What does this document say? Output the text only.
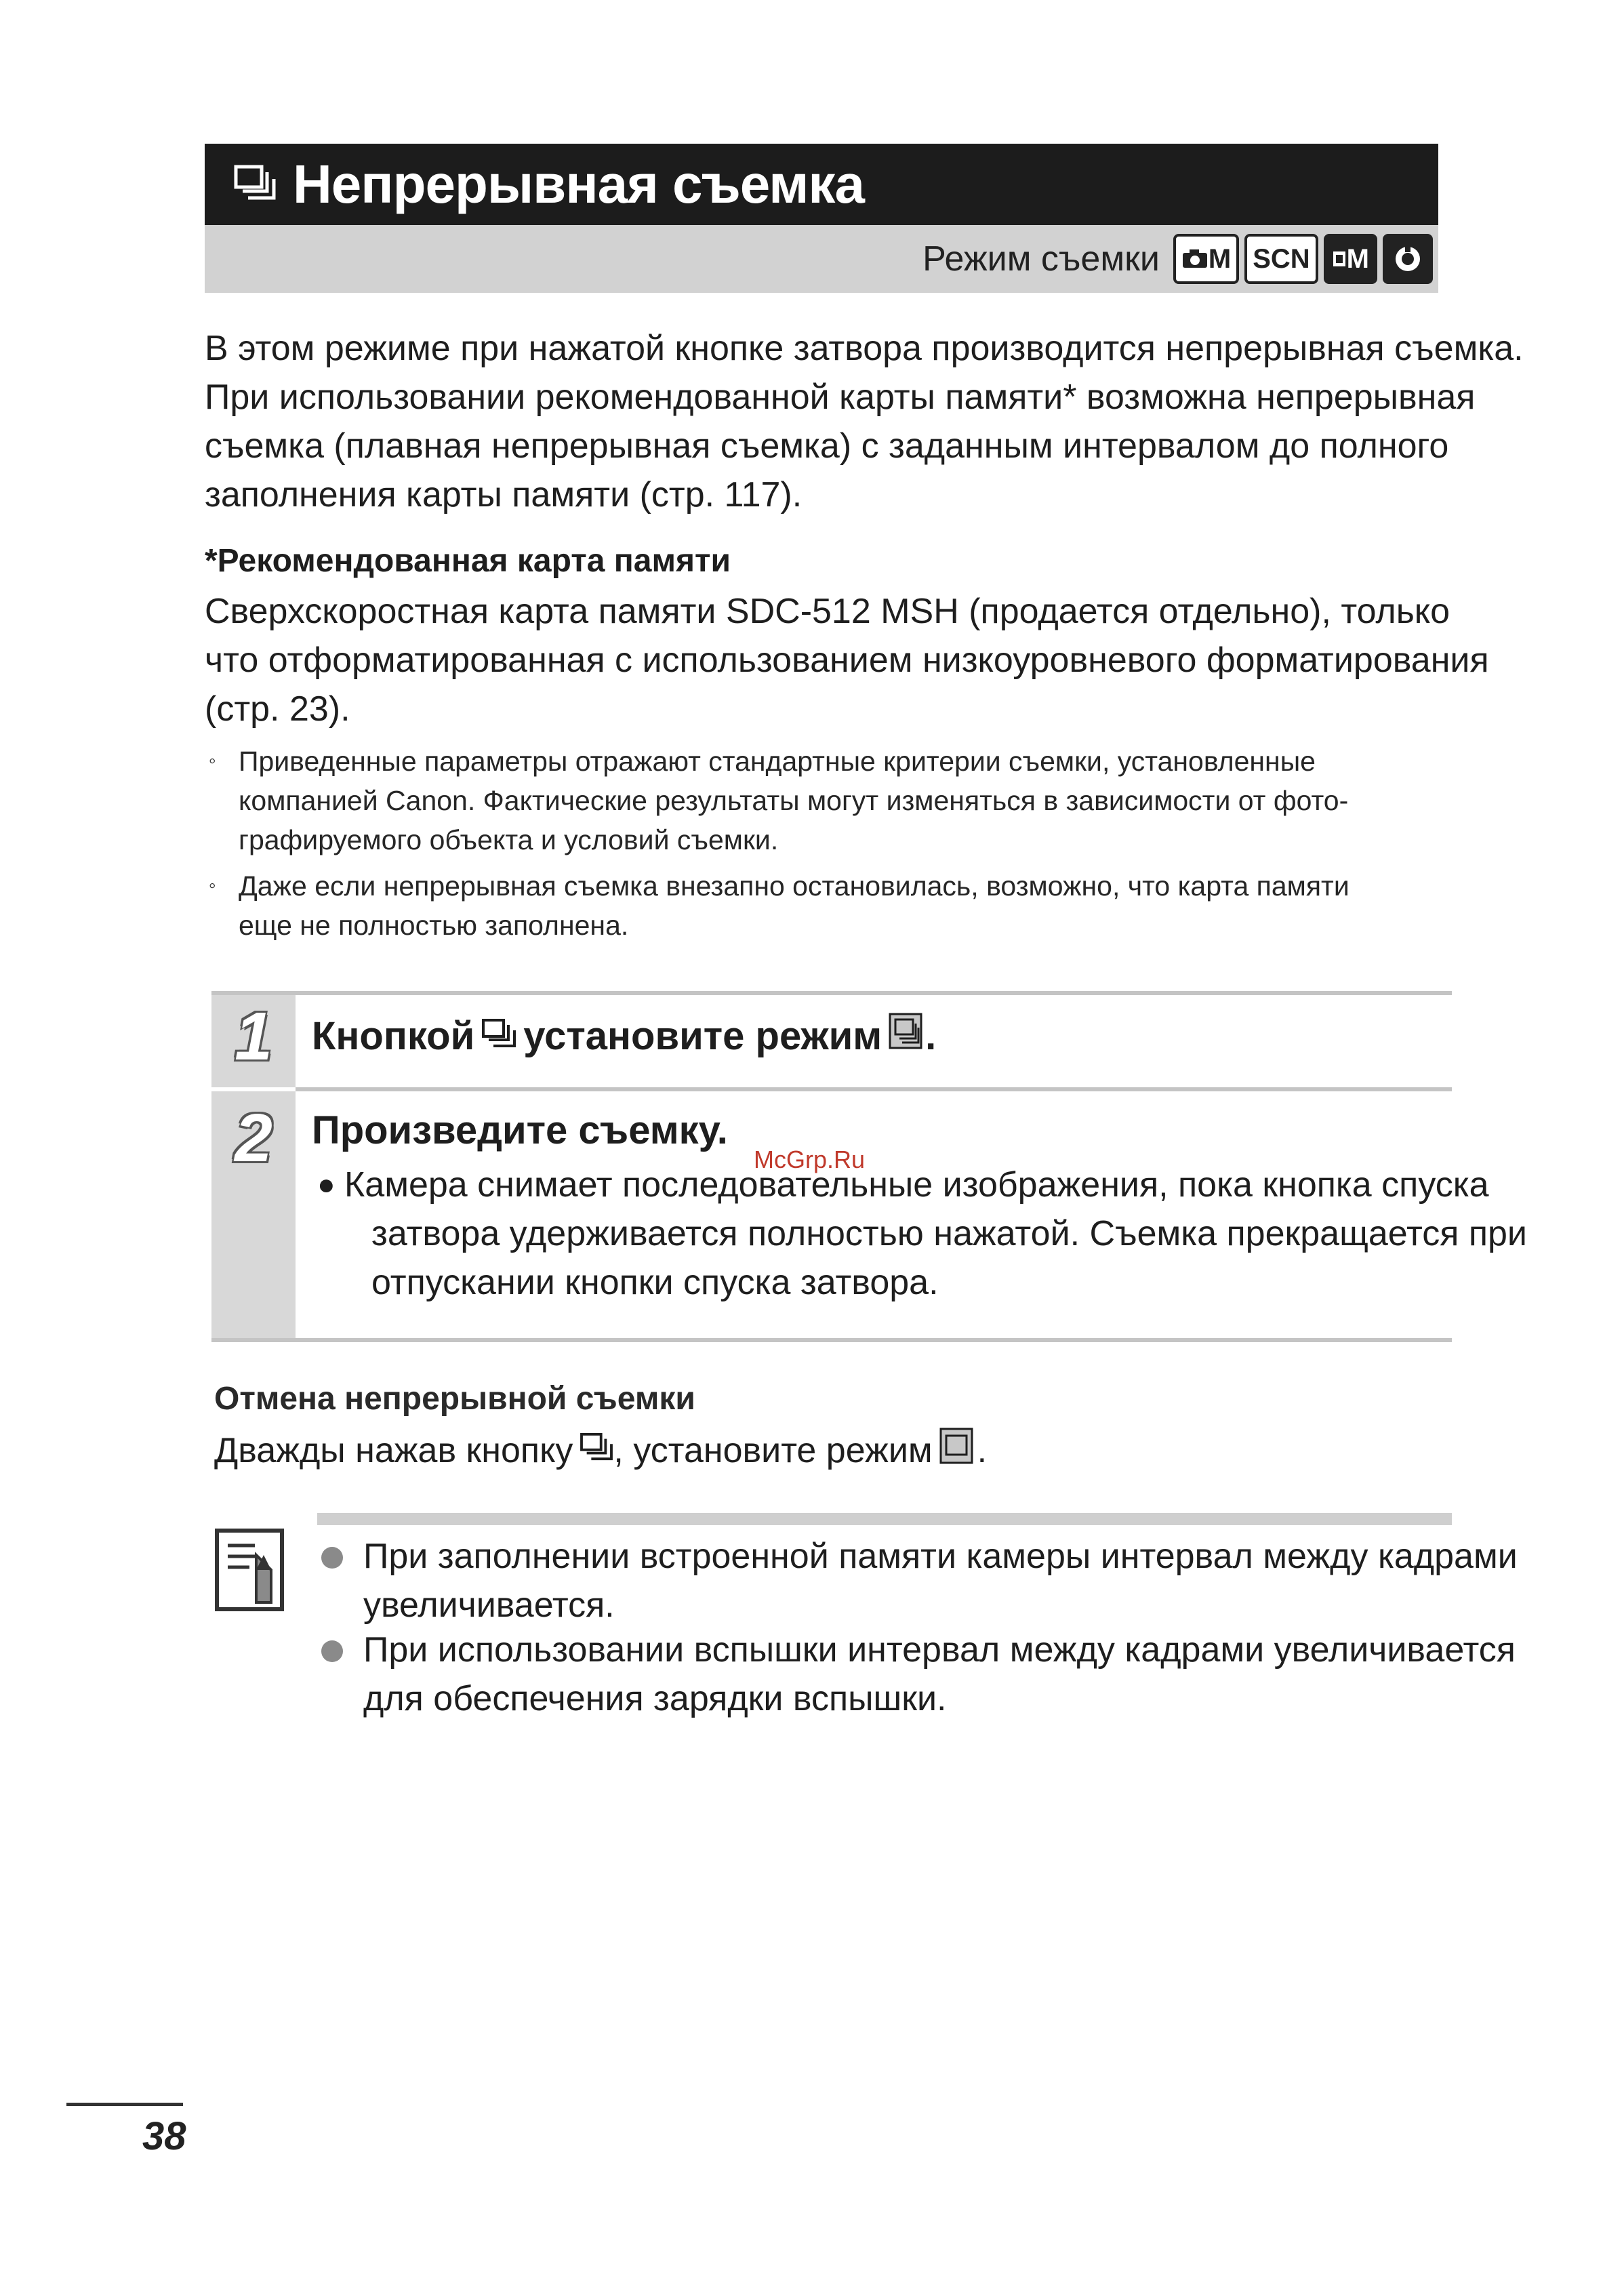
Непрерывная съемка
Режим съемки M SCN M
В этом режиме при нажатой кнопке затвора производится непрерывная съемка.
При использовании рекомендованной карты памяти* возможна непрерывная
съемка (плавная непрерывная съемка) с заданным интервалом до полного
заполнения карты памяти (стр. 117).
*Рекомендованная карта памяти
Сверхскоростная карта памяти SDC-512 MSH (продается отдельно), только
что отформатированная с использованием низкоуровневого форматирования
(стр. 23).
◦ Приведенные параметры отражают стандартные критерии съемки, установленные
компанией Canon. Фактические результаты могут изменяться в зависимости от фото-
графируемого объекта и условий съемки.
◦ Даже если непрерывная съемка внезапно остановилась, возможно, что карта памяти
еще не полностью заполнена.
1 Кнопкой установите режим .
2 Произведите съемку.
● Камера снимает последовательные изображения, пока кнопка спуска
затвора удерживается полностью нажатой. Съемка прекращается при
отпускании кнопки спуска затвора.
McGrp.Ru
Отмена непрерывной съемки
Дважды нажав кнопку , установите режим .
При заполнении встроенной памяти камеры интервал между кадрами
увеличивается.
При использовании вспышки интервал между кадрами увеличивается
для обеспечения зарядки вспышки.
38
